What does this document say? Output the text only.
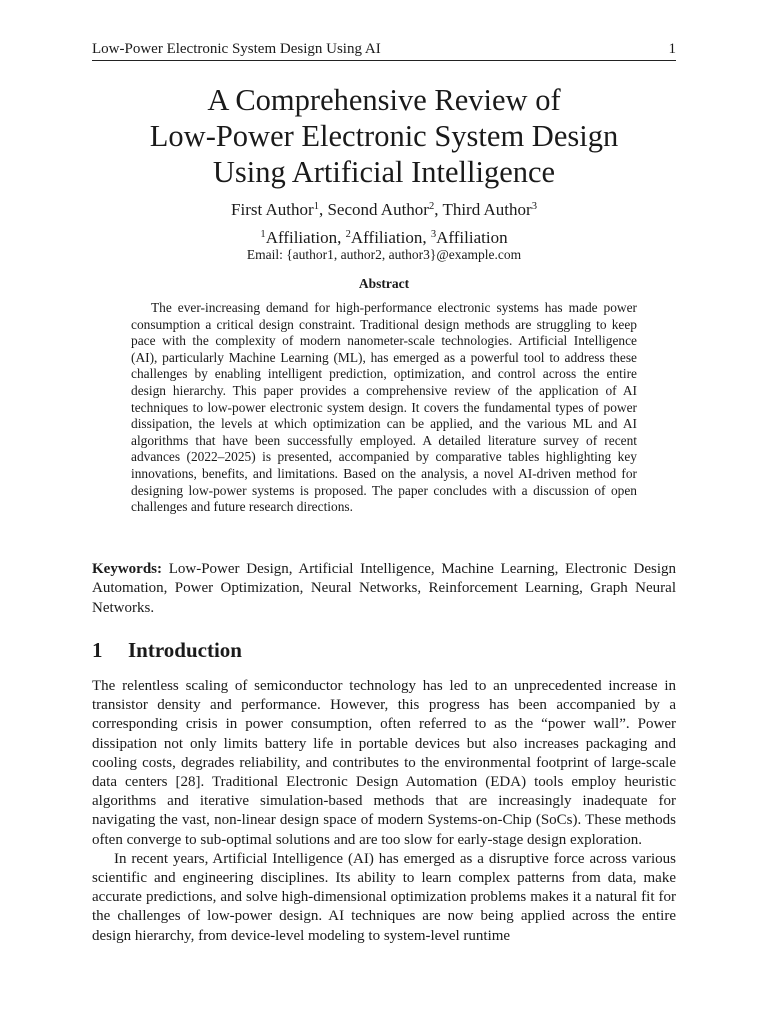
Low-Power Electronic System Design Using AI	1
A Comprehensive Review of
Low-Power Electronic System Design
Using Artificial Intelligence
First Author$^1$, Second Author$^2$, Third Author$^3$
$^1$Affiliation, $^2$Affiliation, $^3$Affiliation
Email: {author1, author2, author3}@example.com
Abstract

The ever-increasing demand for high-performance electronic systems has made power consumption a critical design constraint. Traditional design methods are struggling to keep pace with the complexity of modern nanometer-scale technologies. Artificial Intelligence (AI), particularly Machine Learning (ML), has emerged as a powerful tool to address these challenges by enabling intelligent prediction, optimization, and control across the entire design hierarchy. This paper provides a comprehensive review of the application of AI techniques to low-power electronic system design. It covers the fundamental types of power dissipation, the levels at which optimization can be applied, and the various ML and AI algorithms that have been successfully employed. A detailed literature survey of recent advances (2022–2025) is presented, accompanied by comparative tables highlighting key innovations, benefits, and limitations. Based on the analysis, a novel AI-driven method for designing low-power systems is proposed. The paper concludes with a discussion of open challenges and future research directions.

Keywords: Low-Power Design, Artificial Intelligence, Machine Learning, Electronic Design Automation, Power Optimization, Neural Networks, Reinforcement Learning, Graph Neural Networks.

1 Introduction

The relentless scaling of semiconductor technology has led to an unprecedented increase in transistor density and performance. However, this progress has been accompanied by a corresponding crisis in power consumption, often referred to as the “power wall”. Power dissipation not only limits battery life in portable devices but also increases packaging and cooling costs, degrades reliability, and contributes to the environmental footprint of large-scale data centers [28]. Traditional Electronic Design Automation (EDA) tools employ heuristic algorithms and iterative simulation-based methods that are increasingly inadequate for navigating the vast, non-linear design space of modern Systems-on-Chip (SoCs). These methods often converge to sub-optimal solutions and are too slow for early-stage design exploration.

In recent years, Artificial Intelligence (AI) has emerged as a disruptive force across various scientific and engineering disciplines. Its ability to learn complex patterns from data, make accurate predictions, and solve high-dimensional optimization problems makes it a natural fit for the challenges of low-power design. AI techniques are now being applied across the entire design hierarchy, from device-level modeling to system-level runtime
